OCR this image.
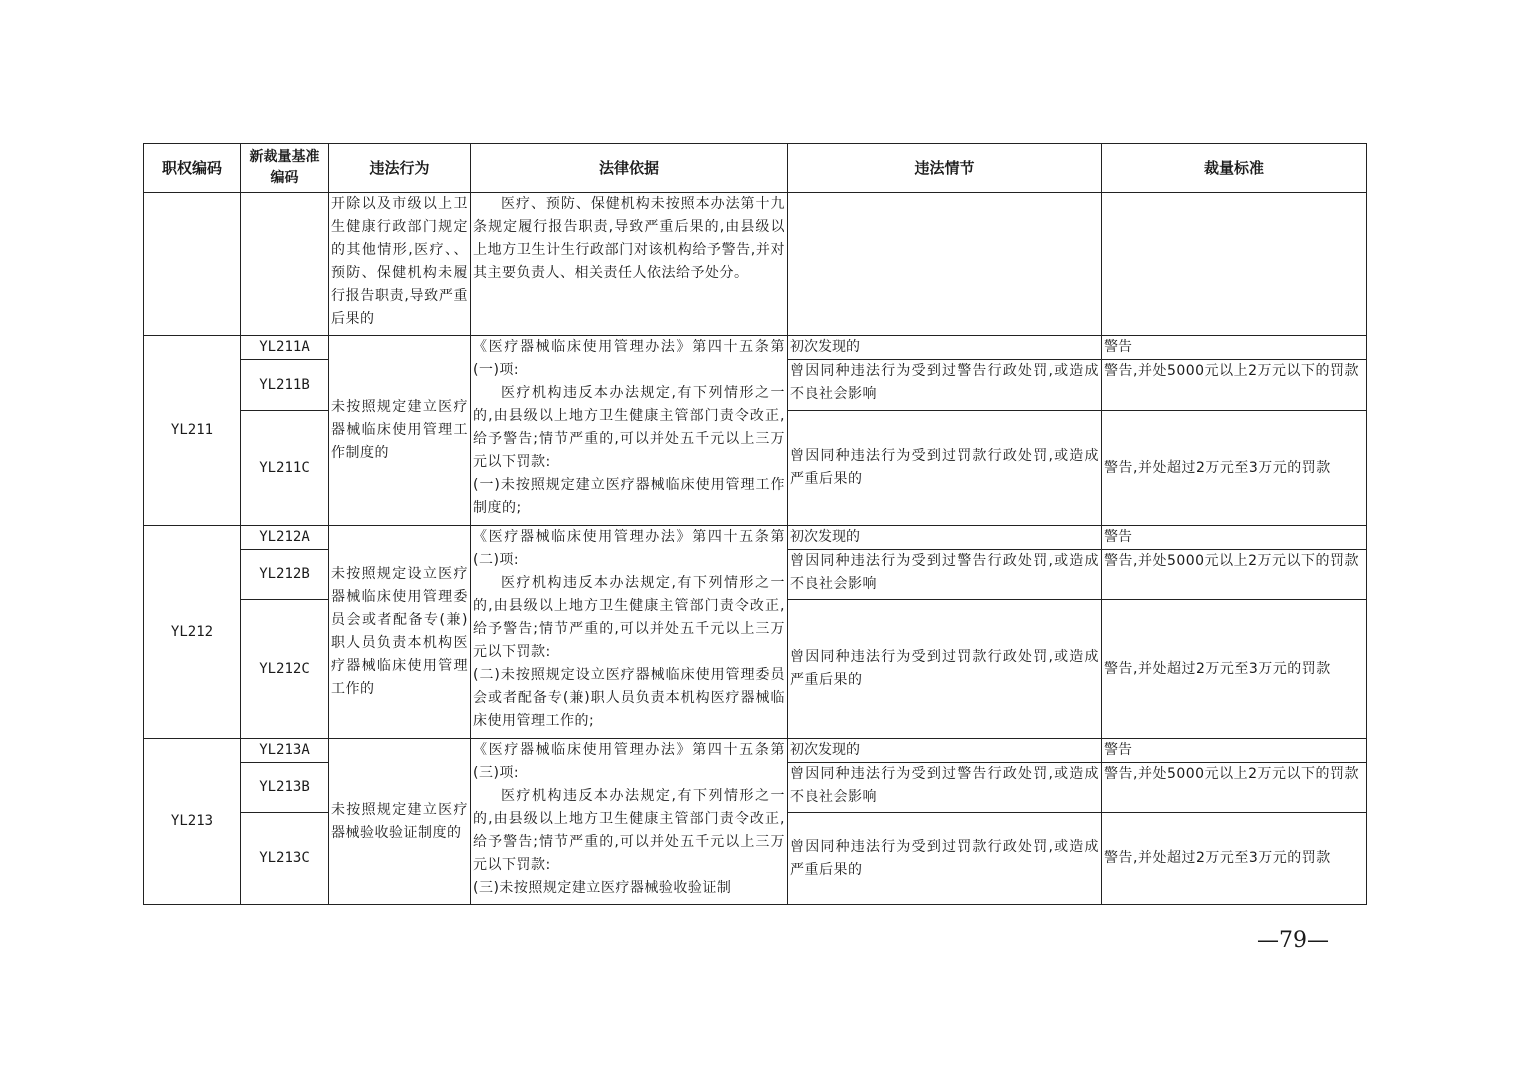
职权编码	新裁量基准编码	违法行为	法律依据	违法情节	裁量标准
		开除以及市级以上卫生健康行政部门规定的其他情形,医疗、、预防、保健机构未履行报告职责,导致严重后果的	医疗、预防、保健机构未按照本办法第十九条规定履行报告职责,导致严重后果的,由县级以上地方卫生计生行政部门对该机构给予警告,并对其主要负责人、相关责任人依法给予处分。		
YL211	YL211A	未按照规定建立医疗器械临床使用管理工作制度的	《医疗器械临床使用管理办法》第四十五条第(一)项:
医疗机构违反本办法规定,有下列情形之一的,由县级以上地方卫生健康主管部门责令改正,给予警告;情节严重的,可以并处五千元以上三万元以下罚款:
(一)未按照规定建立医疗器械临床使用管理工作制度的;	初次发现的	警告
	YL211B			曾因同种违法行为受到过警告行政处罚,或造成不良社会影响	警告,并处5000元以上2万元以下的罚款
	YL211C			曾因同种违法行为受到过罚款行政处罚,或造成严重后果的	警告,并处超过2万元至3万元的罚款
YL212	YL212A	未按照规定设立医疗器械临床使用管理委员会或者配备专(兼)职人员负责本机构医疗器械临床使用管理工作的	《医疗器械临床使用管理办法》第四十五条第(二)项:
医疗机构违反本办法规定,有下列情形之一的,由县级以上地方卫生健康主管部门责令改正,给予警告;情节严重的,可以并处五千元以上三万元以下罚款:
(二)未按照规定设立医疗器械临床使用管理委员会或者配备专(兼)职人员负责本机构医疗器械临床使用管理工作的;	初次发现的	警告
	YL212B			曾因同种违法行为受到过警告行政处罚,或造成不良社会影响	警告,并处5000元以上2万元以下的罚款
	YL212C			曾因同种违法行为受到过罚款行政处罚,或造成严重后果的	警告,并处超过2万元至3万元的罚款
YL213	YL213A	未按照规定建立医疗器械验收验证制度的	《医疗器械临床使用管理办法》第四十五条第(三)项:
医疗机构违反本办法规定,有下列情形之一的,由县级以上地方卫生健康主管部门责令改正,给予警告;情节严重的,可以并处五千元以上三万元以下罚款:
(三)未按照规定建立医疗器械验收验证制	初次发现的	警告
	YL213B			曾因同种违法行为受到过警告行政处罚,或造成不良社会影响	警告,并处5000元以上2万元以下的罚款
	YL213C			曾因同种违法行为受到过罚款行政处罚,或造成严重后果的	警告,并处超过2万元至3万元的罚款
—79—
